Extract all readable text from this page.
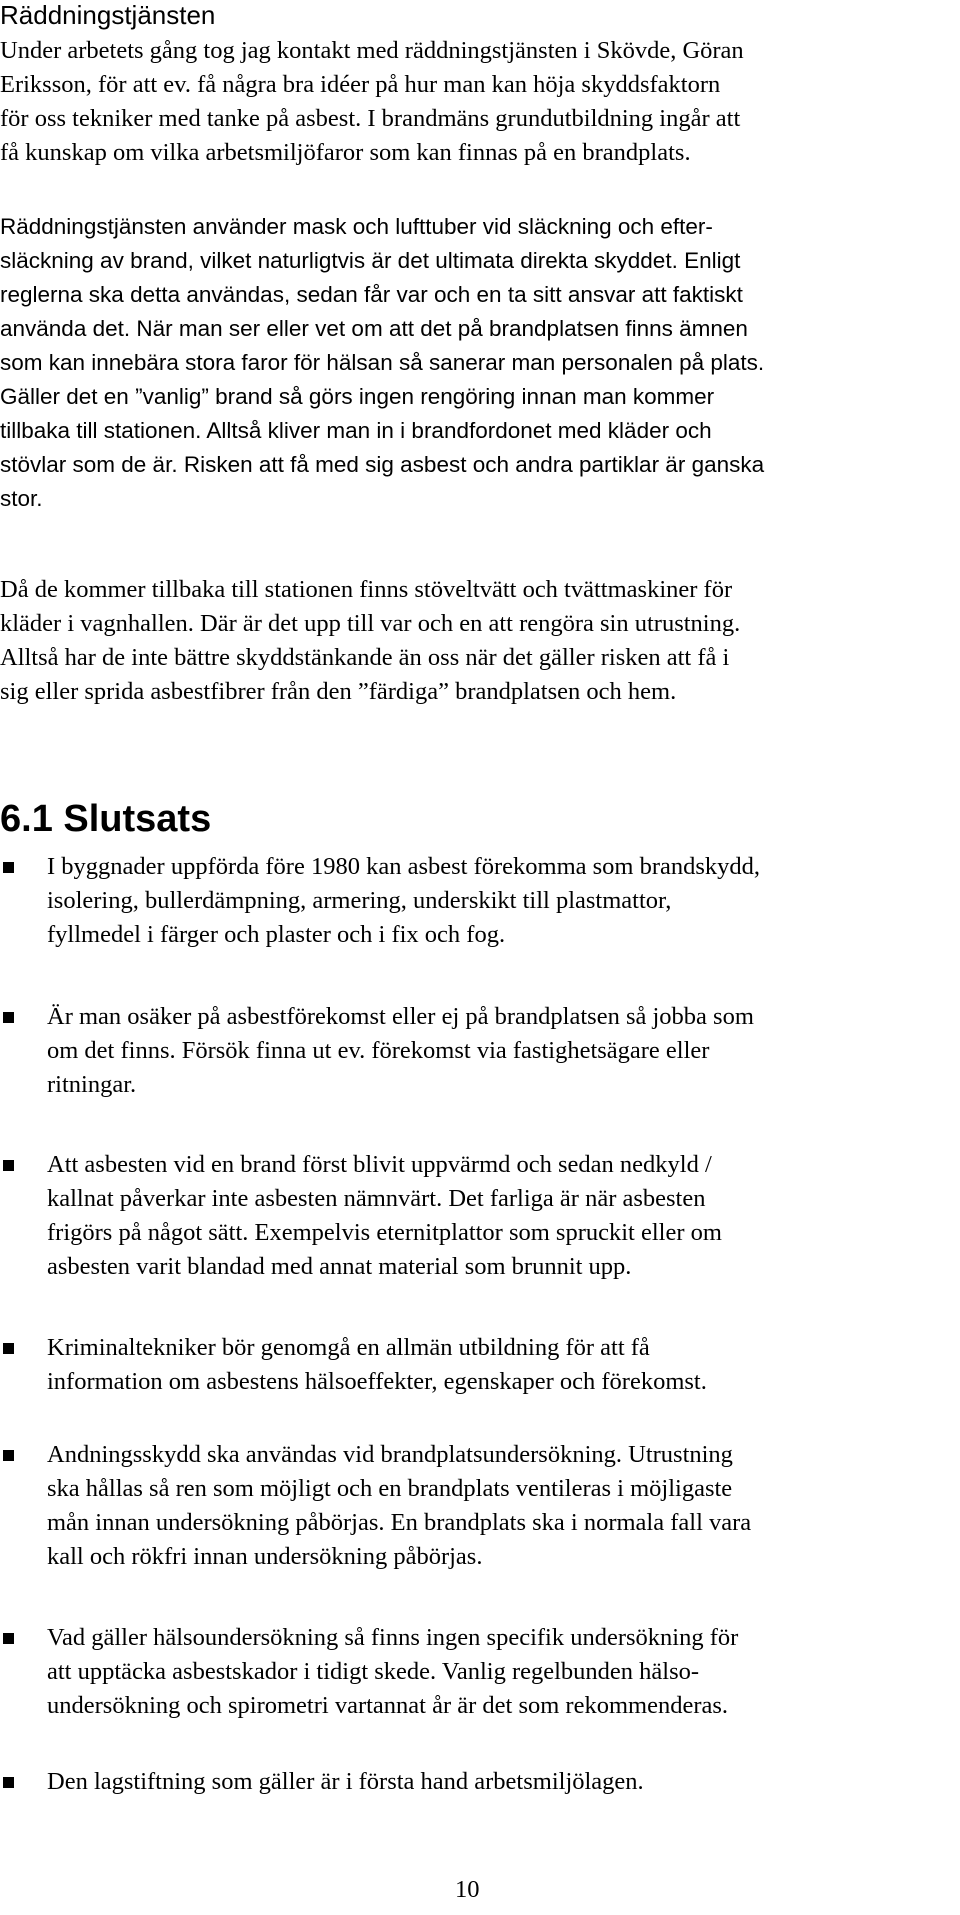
Räddningstjänsten

Under arbetets gång tog jag kontakt med räddningstjänsten i Skövde, Göran
Eriksson, för att ev. få några bra idéer på hur man kan höja skyddsfaktorn
för oss tekniker med tanke på asbest. I brandmäns grundutbildning ingår att
få kunskap om vilka arbetsmiljöfaror som kan finnas på en brandplats.

Räddningstjänsten använder mask och lufttuber vid släckning och efter-
släckning av brand, vilket naturligtvis är det ultimata direkta skyddet. Enligt
reglerna ska detta användas, sedan får var och en ta sitt ansvar att faktiskt
använda det. När man ser eller vet om att det på brandplatsen finns ämnen
som kan innebära stora faror för hälsan så sanerar man personalen på plats.
Gäller det en ”vanlig” brand så görs ingen rengöring innan man kommer
tillbaka till stationen. Alltså kliver man in i brandfordonet med kläder och
stövlar som de är. Risken att få med sig asbest och andra partiklar är ganska
stor.

Då de kommer tillbaka till stationen finns stöveltvätt och tvättmaskiner för
kläder i vagnhallen. Där är det upp till var och en att rengöra sin utrustning.
Alltså har de inte bättre skyddstänkande än oss när det gäller risken att få i
sig eller sprida asbestfibrer från den ”färdiga” brandplatsen och hem.

6.1 Slutsats
I byggnader uppförda före 1980 kan asbest förekomma som brandskydd,
isolering, bullerdämpning, armering, underskikt till plastmattor,
fyllmedel i färger och plaster och i fix och fog.
Är man osäker på asbestförekomst eller ej på brandplatsen så jobba som
om det finns. Försök finna ut ev. förekomst via fastighetsägare eller
ritningar.
Att asbesten vid en brand först blivit uppvärmd och sedan nedkyld /
kallnat påverkar inte asbesten nämnvärt. Det farliga är när asbesten
frigörs på något sätt. Exempelvis eternitplattor som spruckit eller om
asbesten varit blandad med annat material som brunnit upp.
Kriminaltekniker bör genomgå en allmän utbildning för att få
information om asbestens hälsoeffekter, egenskaper och förekomst.
Andningsskydd ska användas vid brandplatsundersökning. Utrustning
ska hållas så ren som möjligt och en brandplats ventileras i möjligaste
mån innan undersökning påbörjas. En brandplats ska i normala fall vara
kall och rökfri innan undersökning påbörjas.
Vad gäller hälsoundersökning så finns ingen specifik undersökning för
att upptäcka asbestskador i tidigt skede. Vanlig regelbunden hälso-
undersökning och spirometri vartannat år är det som rekommenderas.
Den lagstiftning som gäller är i första hand arbetsmiljölagen.

10
